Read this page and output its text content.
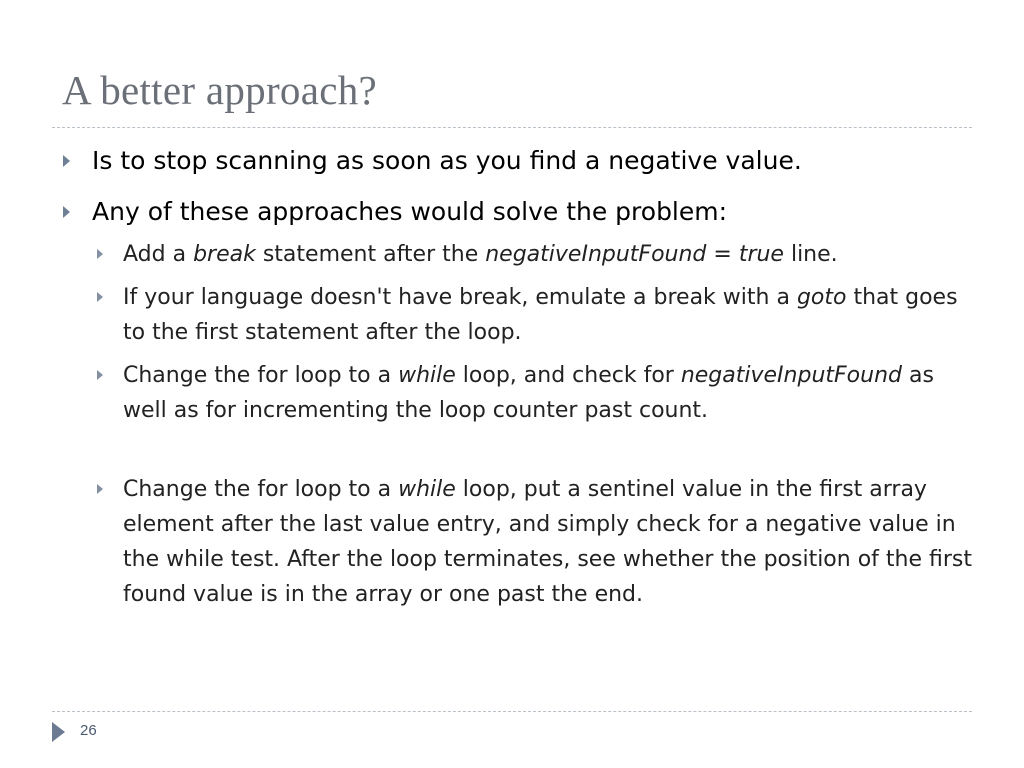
A better approach?
Is to stop scanning as soon as you find a negative value.
Any of these approaches would solve the problem:
Add a break statement after the negativeInputFound = true line.
If your language doesn't have break, emulate a break with a goto that goes to the first statement after the loop.
Change the for loop to a while loop, and check for negativeInputFound as well as for incrementing the loop counter past count.
Change the for loop to a while loop, put a sentinel value in the first array element after the last value entry, and simply check for a negative value in the while test. After the loop terminates, see whether the position of the first found value is in the array or one past the end.
26
